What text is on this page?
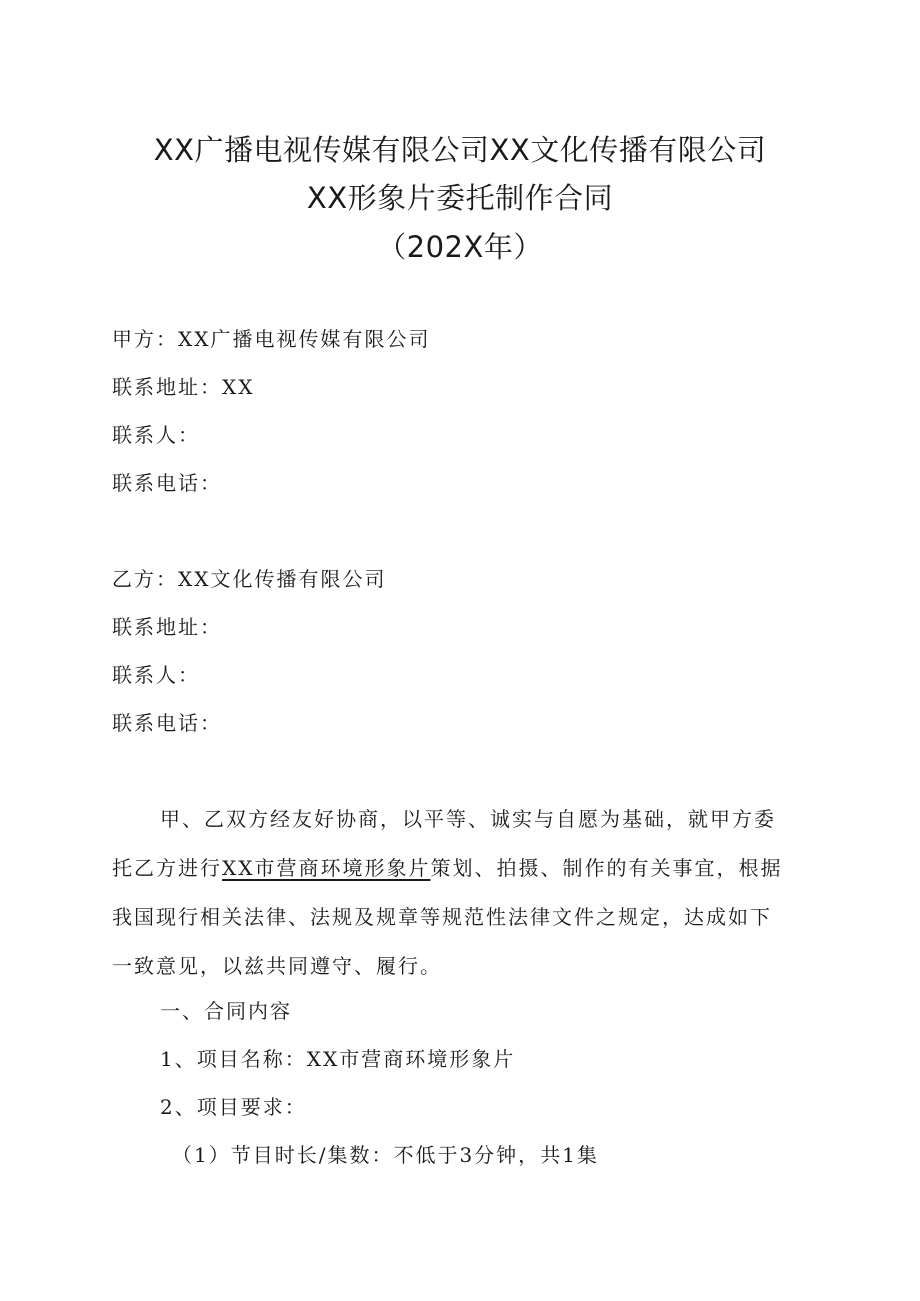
XX广播电视传媒有限公司XX文化传播有限公司
XX形象片委托制作合同
（202X年）

甲方：XX广播电视传媒有限公司

联系地址：XX

联系人：

联系电话：

乙方：XX文化传播有限公司

联系地址：

联系人：

联系电话：

甲、乙双方经友好协商，以平等、诚实与自愿为基础，就甲方委
托乙方进行XX市营商环境形象片策划、拍摄、制作的有关事宜，根据
我国现行相关法律、法规及规章等规范性法律文件之规定，达成如下
一致意见，以兹共同遵守、履行。

一、合同内容

1、项目名称：XX市营商环境形象片

2、项目要求：

（1）节目时长/集数：不低于3分钟，共1集
